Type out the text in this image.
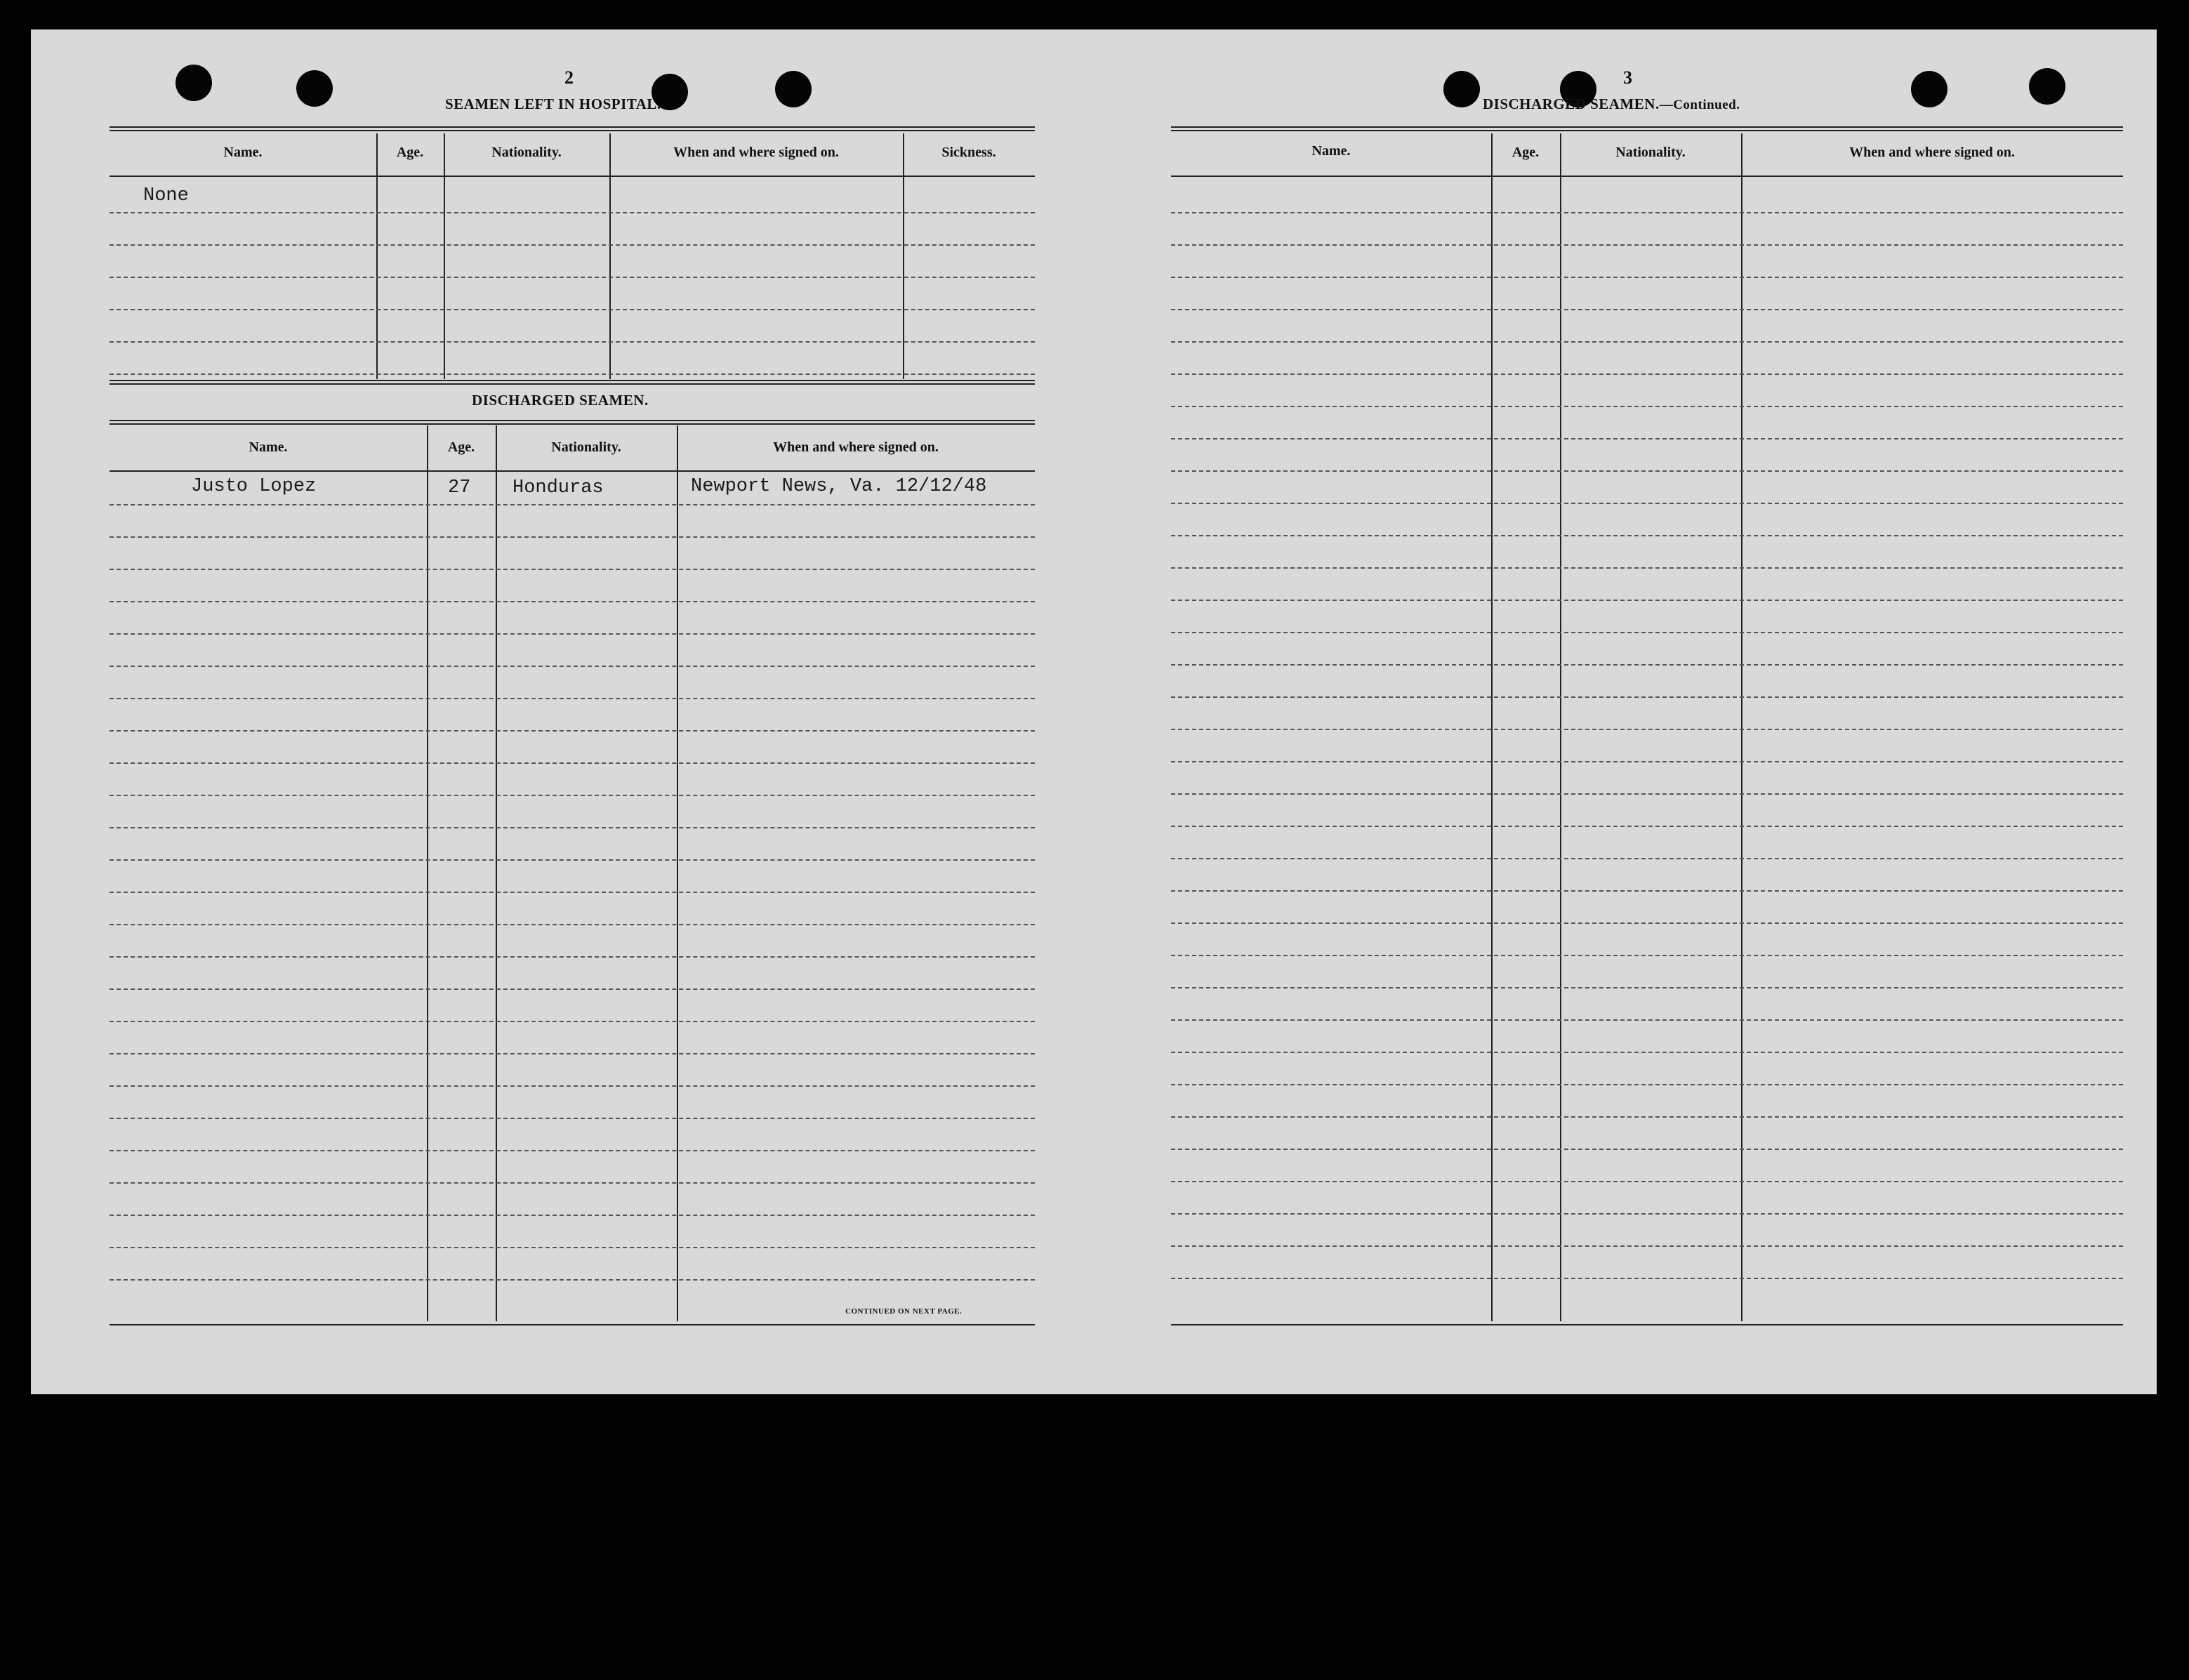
2
SEAMEN LEFT IN HOSPITAL.
Name.	Age.	Nationality.	When and where signed on.	Sickness.
None
DISCHARGED SEAMEN.
Name.	Age.	Nationality.	When and where signed on.
Justo Lopez	27 Honduras	Newport News, Va. 12/12/48
CONTINUED ON NEXT PAGE.
3
DISCHARGED SEAMEN.—Continued.
Name.	Age.	Nationality.	When and where signed on.
